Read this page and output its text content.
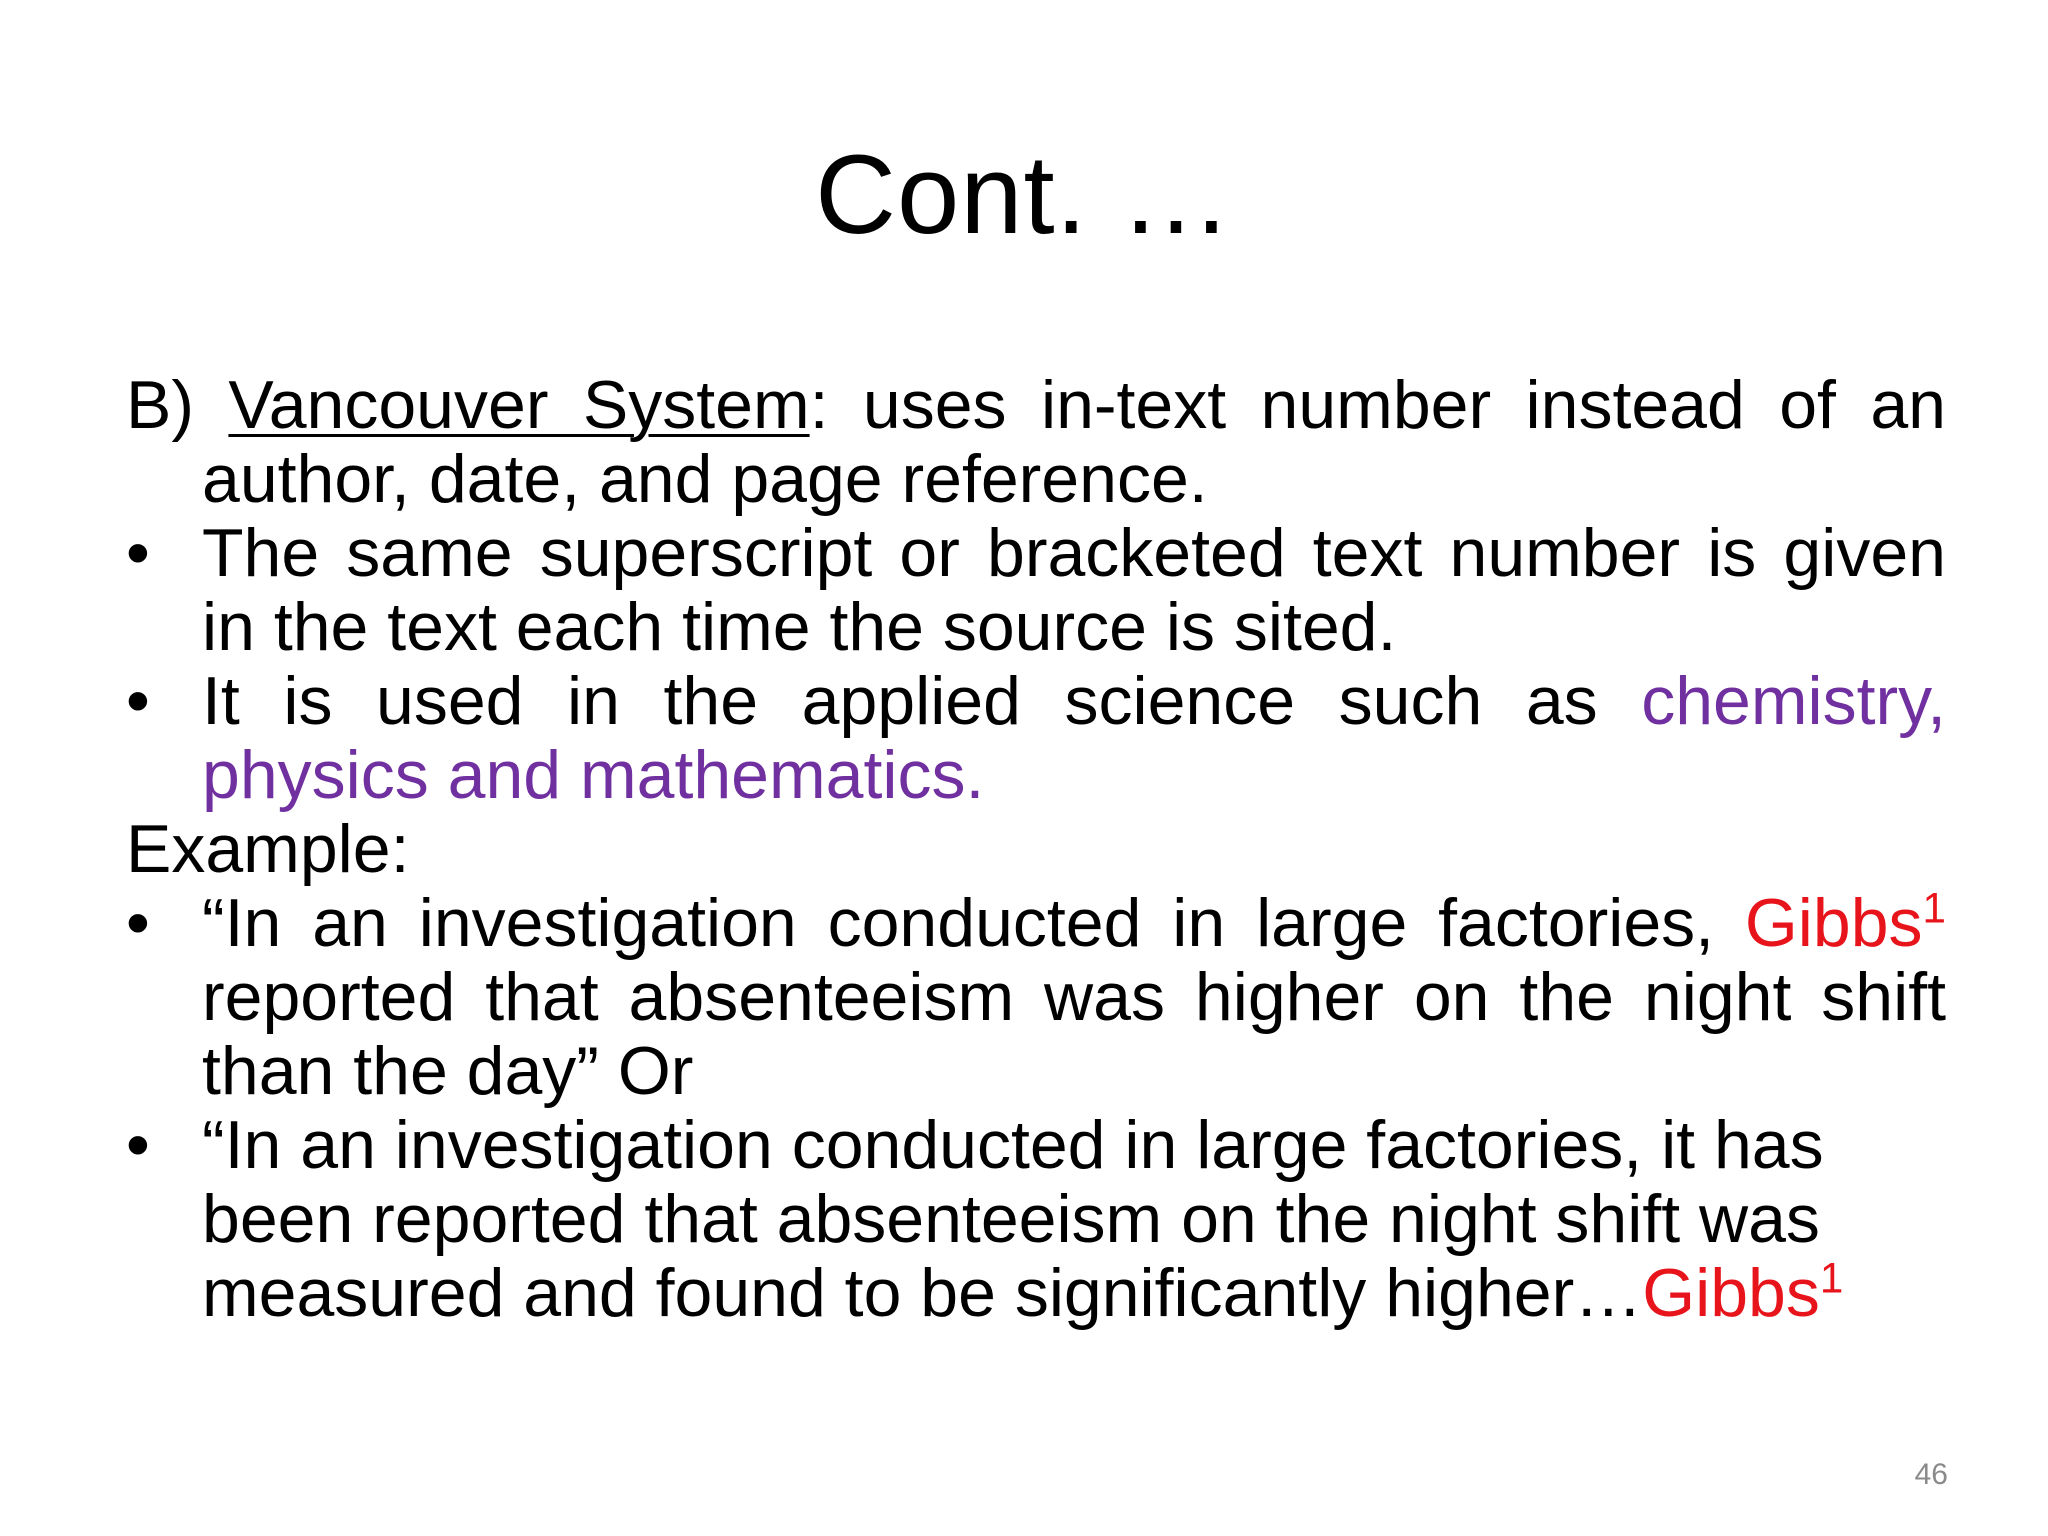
Cont. …

B) Vancouver System: uses in-text number instead of an author, date, and page reference.

• The same superscript or bracketed text number is given in the text each time the source is sited.

• It is used in the applied science such as chemistry, physics and mathematics.

Example:

• “In an investigation conducted in large factories, Gibbs$^1$ reported that absenteeism was higher on the night shift than the day” Or

• “In an investigation conducted in large factories, it has been reported that absenteeism on the night shift was measured and found to be significantly higher…Gibbs$^1$

46
